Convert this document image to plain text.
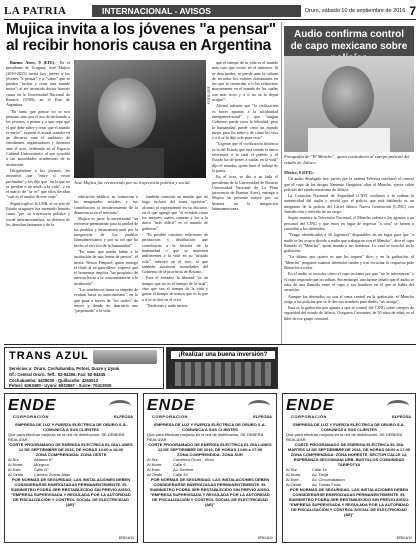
LA PATRIA	INTERNACIONAL - AVISOS	Oruro, sábado 10 de septiembre de 2016 7
Mujica invita a los jóvenes "a pensar" al recibir honoris causa en Argentina

Buenos Aires, 9 (EFE).- En el presidente de Uruguay, José Mujica (2010-2015) invitó hoy jueves a los jóvenes "a pensar" y a "saber" que se pueden "luchar y crear una mundo mejor", al ser investido doctor honoris causa en la Universidad Nacional de Rosario (UNR), en el Este de Argentina.

"En tanto que pensar no se nos piensan, sino por el uso de incluando a los jóvenes, a pensar y a que sepa que el que debe saber y crear que el mundo es mejor", expresó el actual senador en un discurso ante el auditorio de estudiantes, organizadores y docentes ante el acto, celebrado en el Espacio Cultural Universitario, el que acreditó a las autoridades académicas de la institución.

Dirigiéndose a los jóvenes, les incentivó que "entre sí vivan profundas" y les dijo que "en la que no se pierdan a un modo a la vida", y en el marco de "se ve" que ellos decidan "cual es el rumbo de este viaje".

Según explicó la UNR, el ex-jefe de Estado uruguayo fue investido honoris causa "por su trayectoria política y social internacionalista, su defensa de los derechos humanos y de la

FOTO: EFE
José Mujica fue reconocido por su trayectoria política y social.

educación pública, su formación a los marginados sociales y sus contribución al fortalecimiento de la democracia en el territorio".

Mujica es parte la universidad "un referente permanente para la unidad de los pueblos y latinoamericanos por la integración de los pueblos latinoamericanos y por su rol que ha hecho al servicio de la humanidad".

"En tanto que pueda haber a la institución de una forma de pensar", el invita: Néstor Pimparé, quien entregó el título al ex guerrillero, expresó que el homenaje implica "un propósito de nuestra hacia a la concientización a la institución".

"Los tenebrosos lanza su empeño de evaluar hacia su autoritarismo", en lo que pone a traves de "los cuales" de nuevo y donde no abarcaría una "perpetuada" a la vida.

también construir un mundo que no haga esclavo del tener opresivo", alcanzó el expresidente en su discurso, en el que agregó que "el evitable como los mejores cuales cuentan y los a la única "más difícil" es el mundo de gobierno".

"Es posible construir relaciones de producción y distribución que contribuyan a la historia de la humanidad o que se muestren indiferentes a la vida en su "aislado solo", subrayó en el acto, al que también asistieron autoridades del Gobierno de la provincia de Rosario.

Para el senador, la libertad "es un tiempo que no es el tiempo de la vida", sino que sea el tiempo de la vida y gastar el tiempo de menos que es lo que a ti se te dice en el vivir.

"Nada más y nada menos

que el tiempo de tu vida es el mundo más caro que existe en el universo. Si se deja perder, se pierde ante la cultura de recordar los valores dominantes en los que te recuerdan a ti las relaciones mayormente en el mundo de los cuales son más ricos y a ti no se lo dejan ocupar".

Afirmó además que "la civilización es hacer apuntar a la solidaridad intergeneracional" y que "ningún Gobierno puede crear la felicidad, pero la humanidad puede crear un mundo mejor para los niños y de cómo les viva y a tí se lo dije solo para vivir".

"Urgente que el civilización histórica es la del Estado que está siendo la única referencia a la cual el pueblo y el Estado ha de poner a cuidar en la vida" dijo el senador, quien hace el trabajo de la patria.

En el acto, se dio a su lado el presidente de la Universidad de Rosario Universidad Nacional de La Plata (provincia de Buenos Aires), entrega a Mujica su presente mayor por su historia en la integración latinoamericana.

Audio confirma control de capo mexicano sobre
Fotografía de "El Mencho", quien controlaría al cuerpo policial del estado de Jalisco.

México, 9 (EFE).-

Un audio divulgado hoy jueves por la cadena Televisa confirmó el control que el capo de las drogas Nemesio Oseguera, alias el Mencho, ejerce sobre policías del estado mexicano de Jalisco.

La Comisión Nacional de Seguridad (CNS) confirmó a la cadena la autenticidad del audio y reveló que el policía que está hablando es un integrante de la policía del Cártel Jalisco Nueva Generación (CJNG) con Jurisdicción y referido de un cargo.

Según muestra la Televisión Nacional, el Mencho ordena a los agentes a un personal del CJNG y que estos en lugar de regresar "a casa" se fuesen a custodiar a los detenidos.

"Tengo identificados a 30 (agentes)" disponibles en un lugar para que "a nadie se les ocurra decirle a nadie que trabajaron con el Mencho", dice el capo llamado el "Mencho", quien manda a sus hombres. Lo cual se escuchó en la grabación.

"Lo último que quiero es que los toquen" dice, y en la grabación, el "Mencho" pregunta cuántos detenidos tienen y tras escuchar la respuesta pide liberarlos a todos.

En el audio se escucha cómo el capo reclama por que "no le informaron" y el capo responde que no sabían. Sin embargo, una fuente señaló que el audio se trata de una llamada entre el capo y sus hombres en el que se habla del secuestro.

Aunque los detenidos no son el tema central en la grabación, el Mencho exige a los policías que se le den sus nombres para darles "un castigo".

Esta es la grabación que apunta a que el control del CJNG sobre cuerpos de seguridad del estado de Jalisco, Oseguera Cervantes, de 50 años de edad, es el líder de ese grupo criminal.

TRANS AZUL
Servicios a: Oruro, Cochabamba, Potosí, Sucre y Uyuni
Of.: Central Oruro. Telf.: 52-54306, Fax: 52-84345
Cochabamba: 4425030 - Quillacollo: 4262512
Potosí: 6263490 - Uyuni: 6932867 - Sucre: 70412926
¡Realizar una buena inversión?
ENDE
CORPORACIÓN	ELFEOSA
EMPRESA DE LUZ Y FUERZA ELÉCTRICA DE ORURO S.A. COMUNICA A SUS CLIENTES
Que para efectuar mejoras en la red de distribución, SE DEBERÁ REALIZAR:
CORTE PROGRAMADO DE ENERGÍA ELÉCTRICA EL DÍA LUNES 12 DE SEPTIEMBRE DE 2016, DE HORAS 14:00 a 18:00
ZONA COMPRENDIDA: ZONA OESTE
Al Sur	Aldama N°
Al Norte	Murguía
Al Este	Calle N°
Al Oeste	Camino Zorras Altas
POR NORMAS DE SEGURIDAD, LAS INSTALACIONES DEBEN CONSIDERARSE ENERGIZADAS PERMANENTEMENTE. EL SUMINISTRO PODRÁ SER RESTABLECIDO SIN PREVIO AVISO.
"EMPRESA SUPERVISADA Y REGULADA POR LA AUTORIDAD DE FISCALIZACIÓN Y CONTROL SOCIAL DE ELECTRICIDAD (AE)"
BPB/16/10
ENDE
CORPORACIÓN	ELFEOSA
EMPRESA DE LUZ Y FUERZA ELÉCTRICA DE ORURO S.A. COMUNICA A SUS CLIENTES
Que para efectuar mejoras en la red de distribución, SE DEBERÁ REALIZAR:
CORTE PROGRAMADO DE ENERGÍA ELÉCTRICA EL DÍA LUNES 12 DE SEPTIEMBRE DE 2016, DE HORAS 14:00 a 17:00
ZONA COMPRENDIDA: ZONA SUR
Al Sur	Carretera Oruro - Vinto
Al Norte	Calle 6
Al Este	Av. Dehene
Al Oeste	Calle 33
POR NORMAS DE SEGURIDAD, LAS INSTALACIONES DEBEN CONSIDERARSE ENERGIZADAS PERMANENTEMENTE. EL SUMINISTRO PODRÁ SER RESTABLECIDO SIN PREVIO AVISO.
"EMPRESA SUPERVISADA Y REGULADA POR LA AUTORIDAD DE FISCALIZACIÓN Y CONTROL SOCIAL DE ELECTRICIDAD (AE)"
BPB/16/10
ENDE
CORPORACIÓN	ELFEOSA
EMPRESA DE LUZ Y FUERZA ELÉCTRICA DE ORURO S.A. COMUNICA A SUS CLIENTES
Que para efectuar mejoras en la red de distribución, SE DEBERÁ REALIZAR:
CORTE PROGRAMADO DE ENERGÍA ELÉCTRICA EL DÍA MARTES 13 DE SEPTIEMBRE DE 2016, DE HORAS 08:00 a 17:00
ZONA COMPRENDIDA: ZONA NORESTE, SECTOR CALLE 14, ESPERANZA SECOSMANI URB. BUSTILLOS COMUNIDAD TARIPOTYA
Al Sur	Calle 14
Al Norte	Av. Tarija
Al Este	Av. Circunvalación
Al Oeste	Av. Tomás Frías
POR NORMAS DE SEGURIDAD, LAS INSTALACIONES DEBEN CONSIDERARSE ENERGIZADAS PERMANENTEMENTE. EL SUMINISTRO PODRÁ SER RESTABLECIDO SIN PREVIO AVISO.
"EMPRESA SUPERVISADA Y REGULADA POR LA AUTORIDAD DE FISCALIZACIÓN Y CONTROL SOCIAL DE ELECTRICIDAD (AE)"
BPB/16/10
